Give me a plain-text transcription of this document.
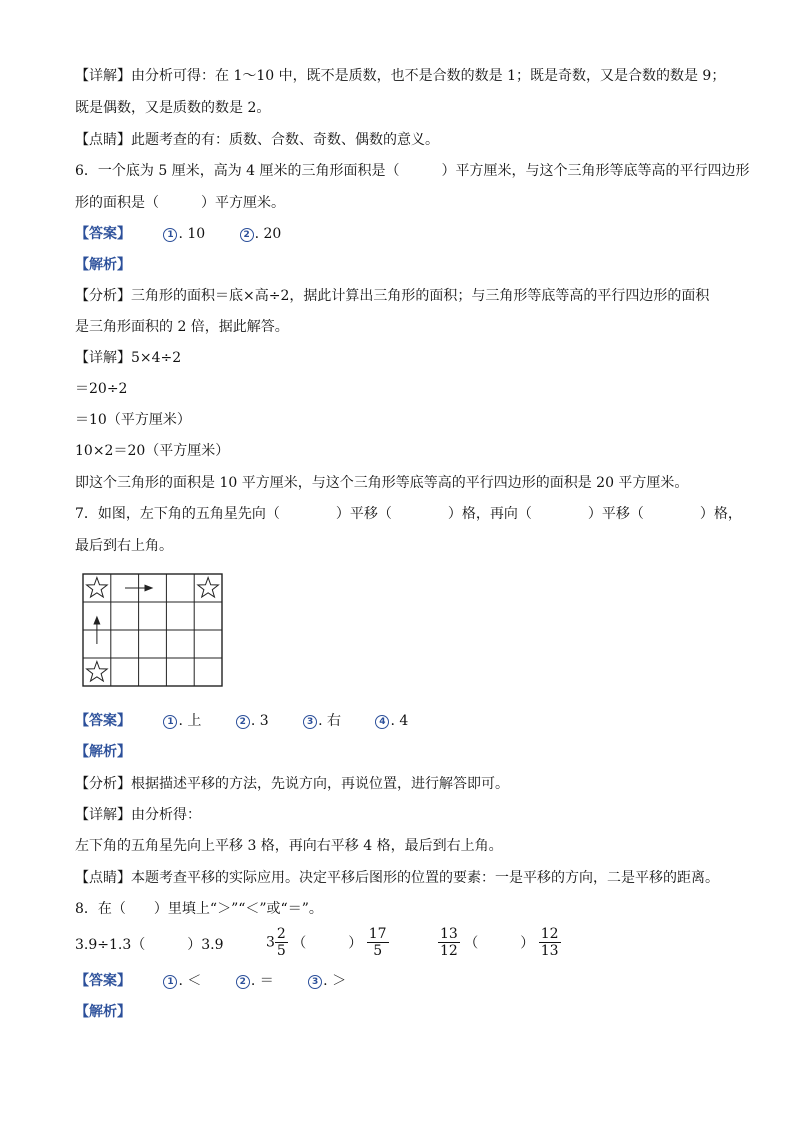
【详解】由分析可得：在 1～10 中，既不是质数，也不是合数的数是 1；既是奇数，又是合数的数是 9；
既是偶数，又是质数的数是 2。
【点睛】此题考查的有：质数、合数、奇数、偶数的意义。
6．一个底为 5 厘米，高为 4 厘米的三角形面积是（　　　）平方厘米，与这个三角形等底等高的平行四边形
形的面积是（　　　）平方厘米。
【答案】	1 . 10	2 . 20
【解析】
【分析】三角形的面积＝底×高÷2，据此计算出三角形的面积；与三角形等底等高的平行四边形的面积
是三角形面积的 2 倍，据此解答。
【详解】5×4÷2
＝20÷2
＝10（平方厘米）
10×2＝20（平方厘米）
即这个三角形的面积是 10 平方厘米，与这个三角形等底等高的平行四边形的面积是 20 平方厘米。
7．如图，左下角的五角星先向（　　　　）平移（　　　　）格，再向（　　　　）平移（　　　　）格，
最后到右上角。
【答案】	1 . 上	2 . 3	3 . 右	4 . 4
【解析】
【分析】根据描述平移的方法，先说方向，再说位置，进行解答即可。
【详解】由分析得：
左下角的五角星先向上平移 3 格，再向右平移 4 格，最后到右上角。
【点睛】本题考查平移的实际应用。决定平移后图形的位置的要素：一是平移的方向，二是平移的距离。
8．在（　　）里填上“＞”“＜”或“＝”。
3.9÷1.3（　　　）3.9	$3 \frac{2}{5}$ （　　　） $\frac{17}{5}$	$\frac{13}{12}$ （　　　） $\frac{12}{13}$
【答案】	1 . ＜	2 . ＝	3 . ＞
【解析】
